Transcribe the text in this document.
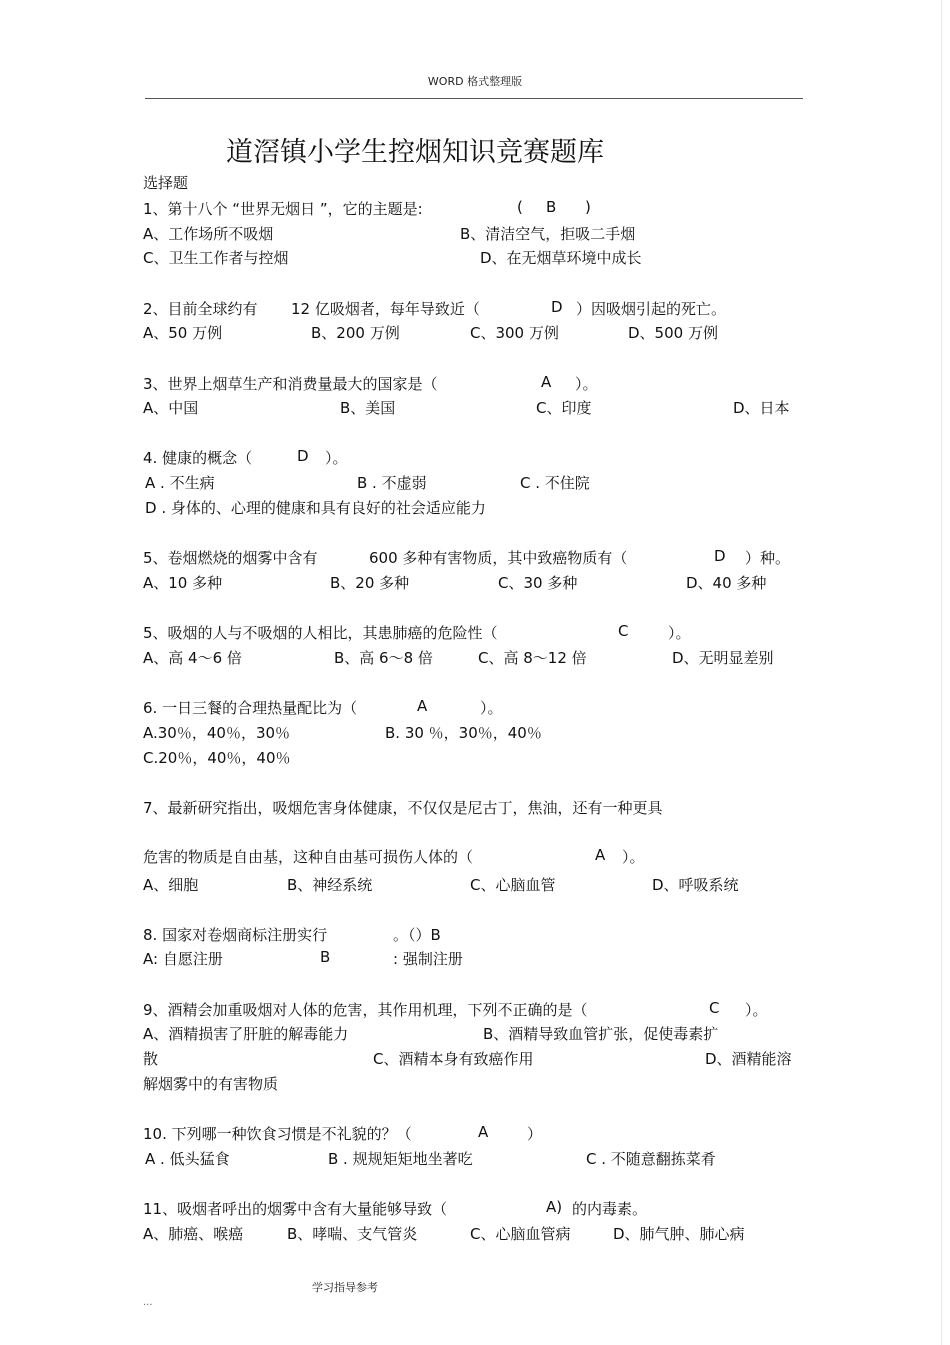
WORD 格式整理版
道滘镇小学生控烟知识竞赛题库
选择题
1、第十八个 “世界无烟日 ”，它的主题是:	( B )
A、工作场所不吸烟	B、清洁空气，拒吸二手烟
C、卫生工作者与控烟	D、在无烟草环境中成长
2、目前全球约有 12 亿吸烟者，每年导致近（	D ）因吸烟引起的死亡。
A、50 万例	B、200 万例	C、300 万例	D、500 万例
3、世界上烟草生产和消费量最大的国家是（	A ）。
A、中国	B、美国	C、印度	D、日本
4. 健康的概念（	D ）。
A . 不生病	B . 不虚弱	C . 不住院
D . 身体的、心理的健康和具有良好的社会适应能力
5、卷烟燃烧的烟雾中含有	600 多种有害物质，其中致癌物质有（	D ）种。
A、10 多种	B、20 多种	C、30 多种	D、40 多种
5、吸烟的人与不吸烟的人相比，其患肺癌的危险性（	C	）。
A、高 4～6 倍	B、高 6～8 倍	C、高 8～12 倍	D、无明显差别
6. 一日三餐的合理热量配比为（	A	）。
A.30％，40％，30％	B. 30 ％，30％，40％
C.20％，40％，40％
7、最新研究指出，吸烟危害身体健康，不仅仅是尼古丁，焦油，还有一种更具
危害的物质是自由基，这种自由基可损伤人体的（	A ）。
A、细胞	B、神经系统	C、心脑血管	D、呼吸系统
8. 国家对卷烟商标注册实行	。（）B
A: 自愿注册	B	: 强制注册
9、酒精会加重吸烟对人体的危害，其作用机理，下列不正确的是（	C ）。
A、酒精损害了肝脏的解毒能力	B、酒精导致血管扩张，促使毒素扩
散	C、酒精本身有致癌作用	D、酒精能溶
解烟雾中的有害物质
10. 下列哪一种饮食习惯是不礼貌的？（	A	）
A . 低头猛食	B . 规规矩矩地坐著吃	C . 不随意翻拣菜肴
11、吸烟者呼出的烟雾中含有大量能够导致（	A) 的内毒素。
A、肺癌、喉癌	B、哮喘、支气管炎	C、心脑血管病	D、肺气肿、肺心病
学习指导参考
...
